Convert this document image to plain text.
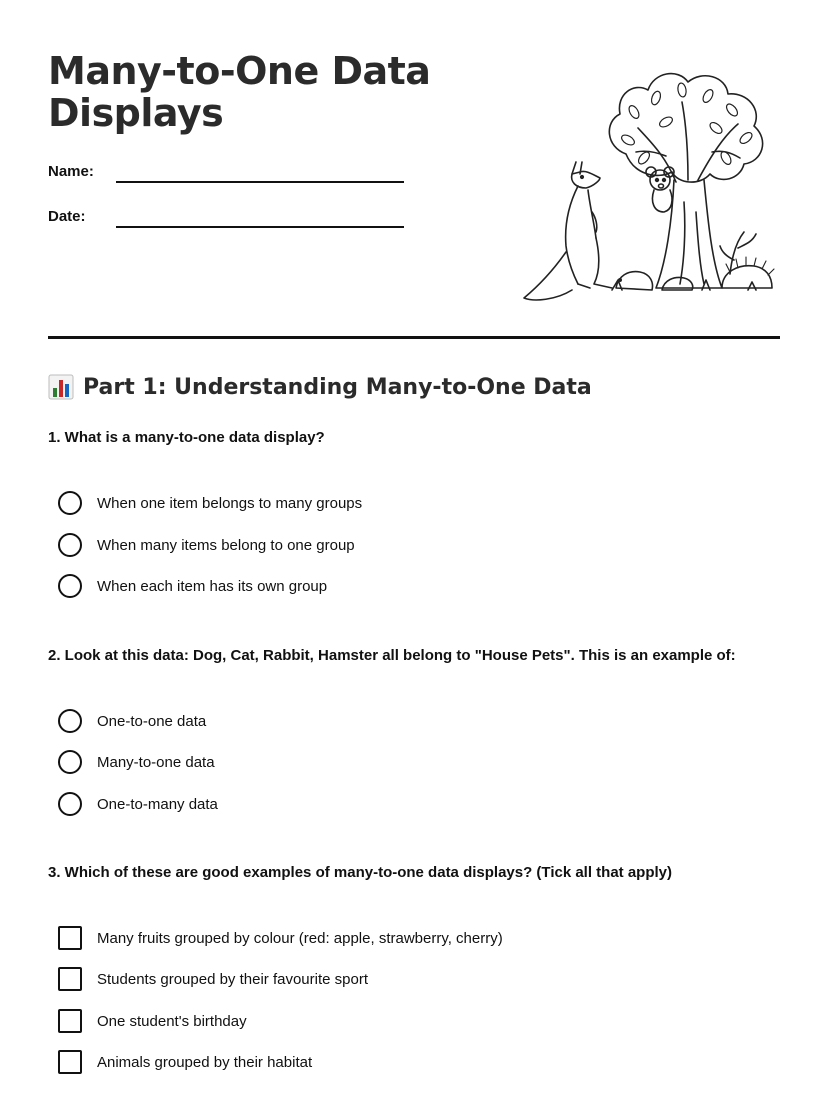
Many-to-One Data
Displays
Name:
Date:
Part 1: Understanding Many-to-One Data
1. What is a many-to-one data display?
When one item belongs to many groups
When many items belong to one group
When each item has its own group
2. Look at this data: Dog, Cat, Rabbit, Hamster all belong to "House Pets". This is an example of:
One-to-one data
Many-to-one data
One-to-many data
3. Which of these are good examples of many-to-one data displays? (Tick all that apply)
Many fruits grouped by colour (red: apple, strawberry, cherry)
Students grouped by their favourite sport
One student's birthday
Animals grouped by their habitat
